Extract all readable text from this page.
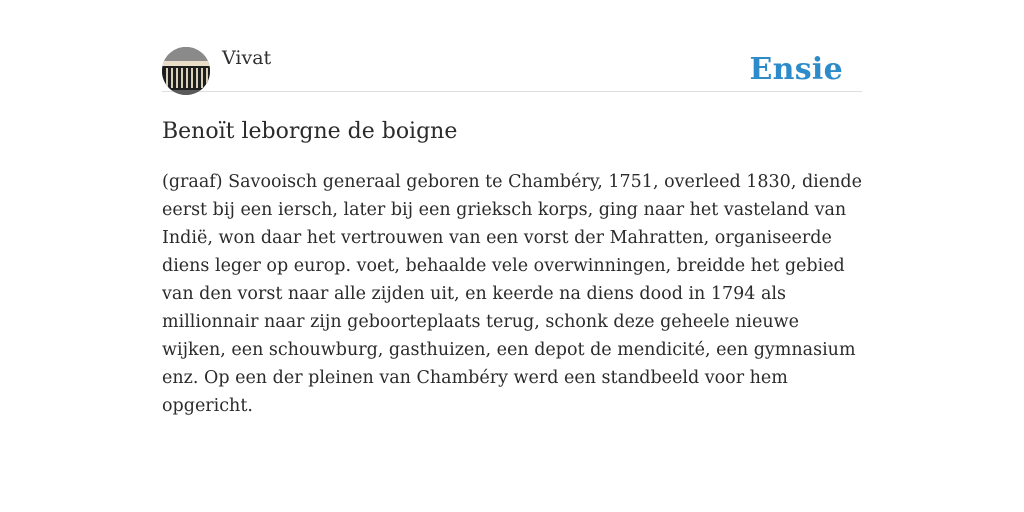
Vivat	Ensie
Benoït leborgne de boigne

(graaf) Savooisch generaal geboren te Chambéry, 1751, overleed 1830, diende eerst bij een iersch, later bij een grieksch korps, ging naar het vasteland van Indië, won daar het vertrouwen van een vorst der Mahratten, organiseerde diens leger op europ. voet, behaalde vele overwinningen, breidde het gebied van den vorst naar alle zijden uit, en keerde na diens dood in 1794 als millionnair naar zijn geboorteplaats terug, schonk deze geheele nieuwe wijken, een schouwburg, gasthuizen, een depot de mendicité, een gymnasium enz. Op een der pleinen van Chambéry werd een standbeeld voor hem opgericht.
